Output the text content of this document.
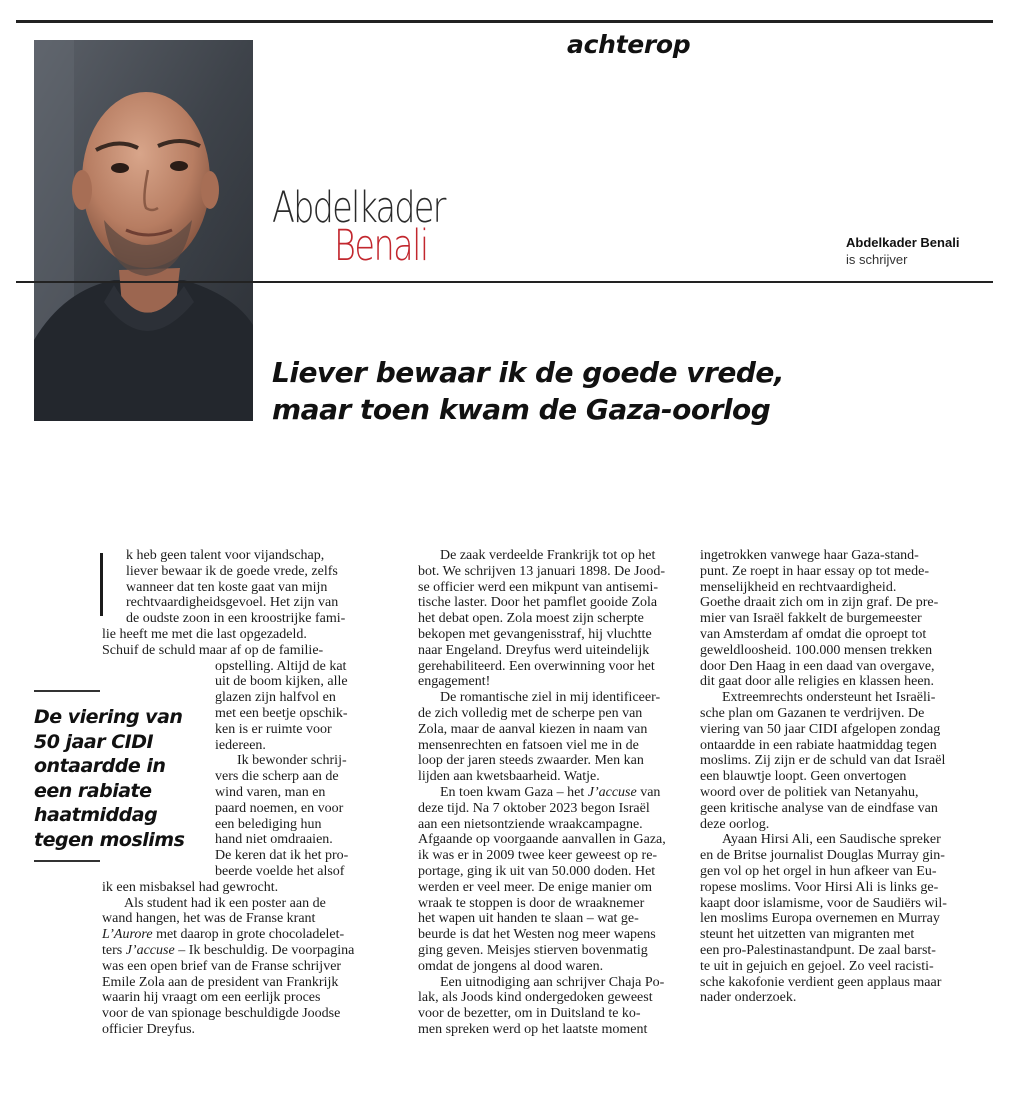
achterop
Abdelkader
Benali	Abdelkader Benali
is schrijver
Liever bewaar ik de goede vrede,
maar toen kwam de Gaza-oorlog
k heb geen talent voor vijandschap,
liever bewaar ik de goede vrede, zelfs
wanneer dat ten koste gaat van mijn
rechtvaardigheidsgevoel. Het zijn van
de oudste zoon in een kroostrijke fami-
lie heeft me met die last opgezadeld.
Schuif de schuld maar af op de familie-
opstelling. Altijd de kat
uit de boom kijken, alle
glazen zijn halfvol en
met een beetje opschik-
ken is er ruimte voor
iedereen.
Ik bewonder schrij-
vers die scherp aan de
wind varen, man en
paard noemen, en voor
een belediging hun
hand niet omdraaien.
De keren dat ik het pro-
beerde voelde het alsof
ik een misbaksel had gewrocht.
Als student had ik een poster aan de
wand hangen, het was de Franse krant
L’Aurore met daarop in grote chocoladelet-
ters J’accuse – Ik beschuldig. De voorpagina
was een open brief van de Franse schrijver
Emile Zola aan de president van Frankrijk
waarin hij vraagt om een eerlijk proces
voor de van spionage beschuldigde Joodse
officier Dreyfus.
De viering van
50 jaar CIDI
ontaardde in
een rabiate
haatmiddag
tegen moslims
De zaak verdeelde Frankrijk tot op het
bot. We schrijven 13 januari 1898. De Jood-
se officier werd een mikpunt van antisemi-
tische laster. Door het pamflet gooide Zola
het debat open. Zola moest zijn scherpte
bekopen met gevangenisstraf, hij vluchtte
naar Engeland. Dreyfus werd uiteindelijk
gerehabiliteerd. Een overwinning voor het
engagement!
De romantische ziel in mij identificeer-
de zich volledig met de scherpe pen van
Zola, maar de aanval kiezen in naam van
mensenrechten en fatsoen viel me in de
loop der jaren steeds zwaarder. Men kan
lijden aan kwetsbaarheid. Watje.
En toen kwam Gaza – het J’accuse van
deze tijd. Na 7 oktober 2023 begon Israël
aan een nietsontziende wraakcampagne.
Afgaande op voorgaande aanvallen in Gaza,
ik was er in 2009 twee keer geweest op re-
portage, ging ik uit van 50.000 doden. Het
werden er veel meer. De enige manier om
wraak te stoppen is door de wraaknemer
het wapen uit handen te slaan – wat ge-
beurde is dat het Westen nog meer wapens
ging geven. Meisjes stierven bovenmatig
omdat de jongens al dood waren.
Een uitnodiging aan schrijver Chaja Po-
lak, als Joods kind ondergedoken geweest
voor de bezetter, om in Duitsland te ko-
men spreken werd op het laatste moment
ingetrokken vanwege haar Gaza-stand-
punt. Ze roept in haar essay op tot mede-
menselijkheid en rechtvaardigheid.
Goethe draait zich om in zijn graf. De pre-
mier van Israël fakkelt de burgemeester
van Amsterdam af omdat die oproept tot
geweldloosheid. 100.000 mensen trekken
door Den Haag in een daad van overgave,
dit gaat door alle religies en klassen heen.
Extreemrechts ondersteunt het Israëli-
sche plan om Gazanen te verdrijven. De
viering van 50 jaar CIDI afgelopen zondag
ontaardde in een rabiate haatmiddag tegen
moslims. Zij zijn er de schuld van dat Israël
een blauwtje loopt. Geen onvertogen
woord over de politiek van Netanyahu,
geen kritische analyse van de eindfase van
deze oorlog.
Ayaan Hirsi Ali, een Saudische spreker
en de Britse journalist Douglas Murray gin-
gen vol op het orgel in hun afkeer van Eu-
ropese moslims. Voor Hirsi Ali is links ge-
kaapt door islamisme, voor de Saudiërs wil-
len moslims Europa overnemen en Murray
steunt het uitzetten van migranten met
een pro-Palestinastandpunt. De zaal barst-
te uit in gejuich en gejoel. Zo veel racisti-
sche kakofonie verdient geen applaus maar
nader onderzoek.
